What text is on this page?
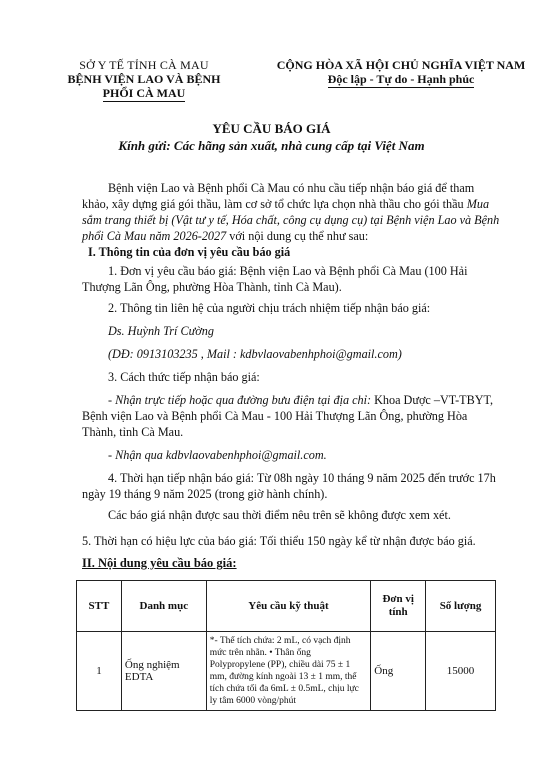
SỞ Y TẾ TỈNH CÀ MAU
BỆNH VIỆN LAO VÀ BỆNH
PHỔI CÀ MAU
CỘNG HÒA XÃ HỘI CHỦ NGHĨA VIỆT NAM
Độc lập - Tự do - Hạnh phúc
YÊU CẦU BÁO GIÁ
Kính gửi: Các hãng sản xuất, nhà cung cấp tại Việt Nam

Bệnh viện Lao và Bệnh phổi Cà Mau có nhu cầu tiếp nhận báo giá để tham khảo, xây dựng giá gói thầu, làm cơ sở tổ chức lựa chọn nhà thầu cho gói thầu Mua sắm trang thiết bị (Vật tư y tế, Hóa chất, công cụ dụng cụ) tại Bệnh viện Lao và Bệnh phổi Cà Mau năm 2026-2027 với nội dung cụ thể như sau:

I. Thông tin của đơn vị yêu cầu báo giá

1. Đơn vị yêu cầu báo giá: Bệnh viện Lao và Bệnh phổi Cà Mau (100 Hải Thượng Lãn Ông, phường Hòa Thành, tỉnh Cà Mau).

2. Thông tin liên hệ của người chịu trách nhiệm tiếp nhận báo giá:

Ds. Huỳnh Trí Cường

(DĐ: 0913103235 , Mail : kdbvlaovabenhphoi@gmail.com)

3. Cách thức tiếp nhận báo giá:

- Nhận trực tiếp hoặc qua đường bưu điện tại địa chỉ: Khoa Dược –VT-TBYT, Bệnh viện Lao và Bệnh phổi Cà Mau - 100 Hải Thượng Lãn Ông, phường Hòa Thành, tỉnh Cà Mau.

- Nhận qua kdbvlaovabenhphoi@gmail.com.

4. Thời hạn tiếp nhận báo giá: Từ 08h ngày 10 tháng 9 năm 2025 đến trước 17h ngày 19 tháng 9 năm 2025 (trong giờ hành chính).

Các báo giá nhận được sau thời điểm nêu trên sẽ không được xem xét.

5. Thời hạn có hiệu lực của báo giá: Tối thiểu 150 ngày kể từ nhận được báo giá.

II. Nội dung yêu cầu báo giá:
STT	Danh mục	Yêu cầu kỹ thuật	Đơn vị tính	Số lượng
1	Ống nghiệm EDTA	*- Thể tích chứa: 2 mL, có vạch định mức trên nhãn. • Thân ống Polypropylene (PP), chiều dài 75 ± 1 mm, đường kính ngoài 13 ± 1 mm, thể tích chứa tối đa 6mL ± 0.5mL, chịu lực ly tâm 6000 vòng/phút	Ống	15000
